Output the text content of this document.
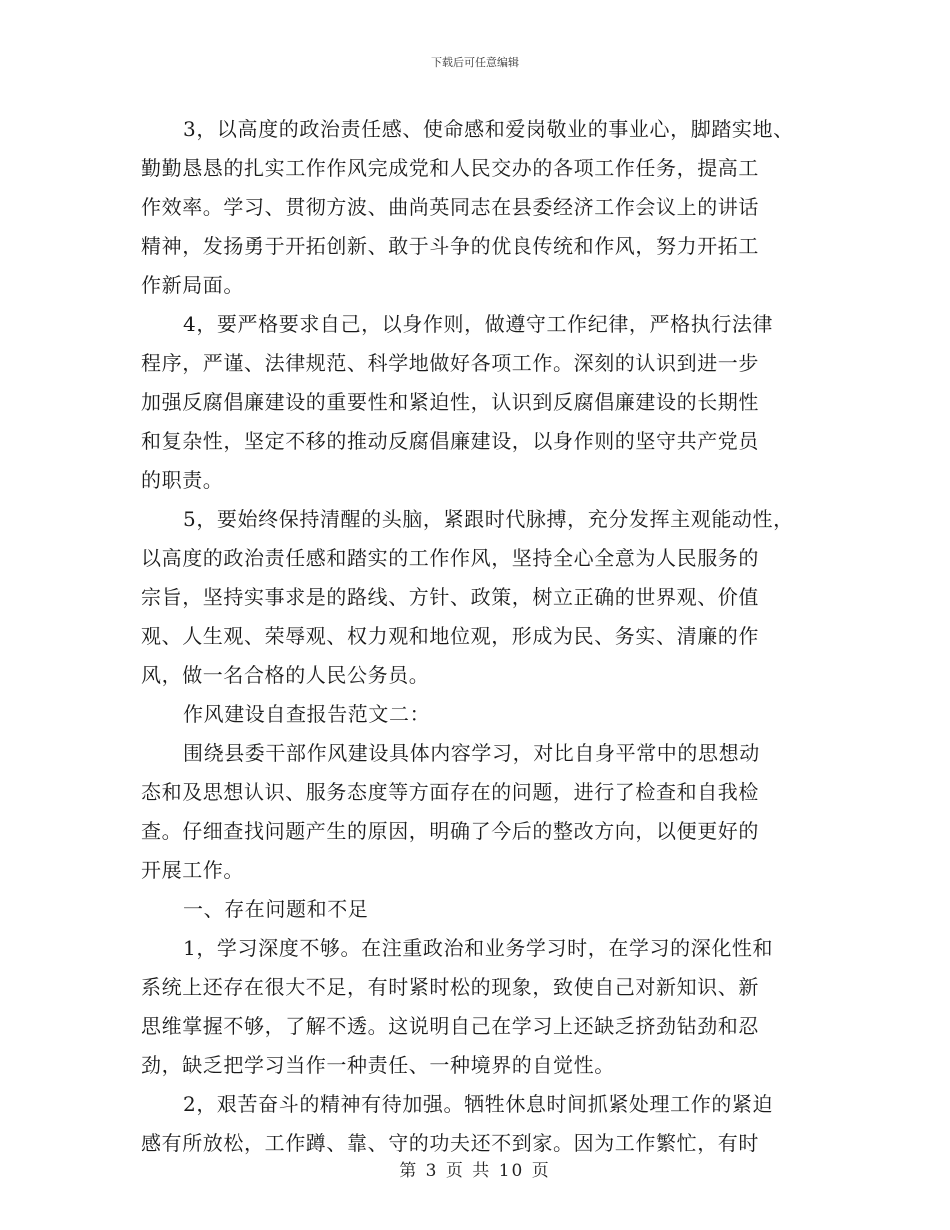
下载后可任意编辑
3，以高度的政治责任感、使命感和爱岗敬业的事业心，脚踏实地、
勤勤恳恳的扎实工作作风完成党和人民交办的各项工作任务，提高工
作效率。学习、贯彻方波、曲尚英同志在县委经济工作会议上的讲话
精神，发扬勇于开拓创新、敢于斗争的优良传统和作风，努力开拓工
作新局面。
4，要严格要求自己，以身作则，做遵守工作纪律，严格执行法律
程序，严谨、法律规范、科学地做好各项工作。深刻的认识到进一步
加强反腐倡廉建设的重要性和紧迫性，认识到反腐倡廉建设的长期性
和复杂性，坚定不移的推动反腐倡廉建设，以身作则的坚守共产党员
的职责。
5，要始终保持清醒的头脑，紧跟时代脉搏，充分发挥主观能动性，
以高度的政治责任感和踏实的工作作风，坚持全心全意为人民服务的
宗旨，坚持实事求是的路线、方针、政策，树立正确的世界观、价值
观、人生观、荣辱观、权力观和地位观，形成为民、务实、清廉的作
风，做一名合格的人民公务员。
作风建设自查报告范文二：
围绕县委干部作风建设具体内容学习，对比自身平常中的思想动
态和及思想认识、服务态度等方面存在的问题，进行了检查和自我检
查。仔细查找问题产生的原因，明确了今后的整改方向，以便更好的
开展工作。
一、存在问题和不足
1，学习深度不够。在注重政治和业务学习时，在学习的深化性和
系统上还存在很大不足，有时紧时松的现象，致使自己对新知识、新
思维掌握不够，了解不透。这说明自己在学习上还缺乏挤劲钻劲和忍
劲，缺乏把学习当作一种责任、一种境界的自觉性。
2，艰苦奋斗的精神有待加强。牺牲休息时间抓紧处理工作的紧迫
感有所放松，工作蹲、靠、守的功夫还不到家。因为工作繁忙，有时
第 3 页 共 10 页
